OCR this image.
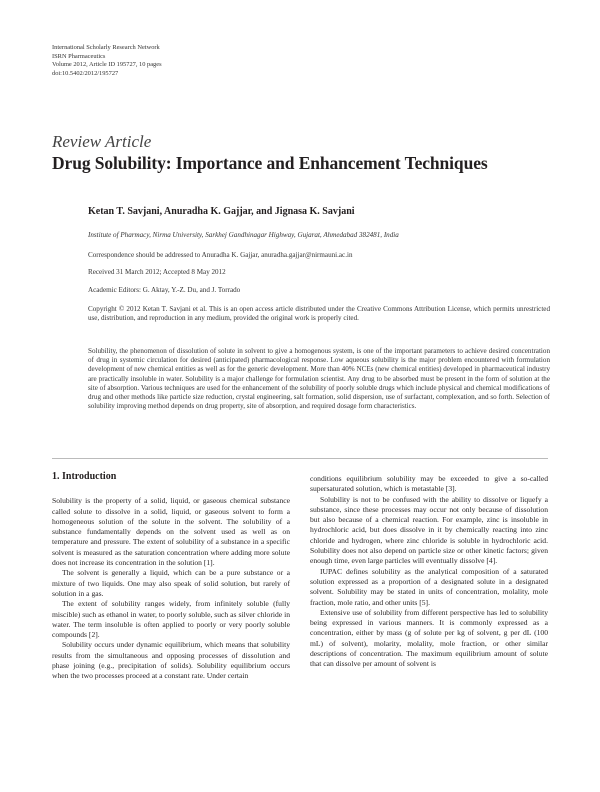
International Scholarly Research Network
ISRN Pharmaceutics
Volume 2012, Article ID 195727, 10 pages
doi:10.5402/2012/195727
Review Article
Drug Solubility: Importance and Enhancement Techniques
Ketan T. Savjani, Anuradha K. Gajjar, and Jignasa K. Savjani
Institute of Pharmacy, Nirma University, Sarkhej Gandhinagar Highway, Gujarat, Ahmedabad 382481, India
Correspondence should be addressed to Anuradha K. Gajjar, anuradha.gajjar@nirmauni.ac.in
Received 31 March 2012; Accepted 8 May 2012
Academic Editors: G. Aktay, Y.-Z. Du, and J. Torrado
Copyright © 2012 Ketan T. Savjani et al. This is an open access article distributed under the Creative Commons Attribution License, which permits unrestricted use, distribution, and reproduction in any medium, provided the original work is properly cited.
Solubility, the phenomenon of dissolution of solute in solvent to give a homogenous system, is one of the important parameters to achieve desired concentration of drug in systemic circulation for desired (anticipated) pharmacological response. Low aqueous solubility is the major problem encountered with formulation development of new chemical entities as well as for the generic development. More than 40% NCEs (new chemical entities) developed in pharmaceutical industry are practically insoluble in water. Solubility is a major challenge for formulation scientist. Any drug to be absorbed must be present in the form of solution at the site of absorption. Various techniques are used for the enhancement of the solubility of poorly soluble drugs which include physical and chemical modifications of drug and other methods like particle size reduction, crystal engineering, salt formation, solid dispersion, use of surfactant, complexation, and so forth. Selection of solubility improving method depends on drug property, site of absorption, and required dosage form characteristics.
1. Introduction

Solubility is the property of a solid, liquid, or gaseous chemical substance called solute to dissolve in a solid, liquid, or gaseous solvent to form a homogeneous solution of the solute in the solvent. The solubility of a substance fundamentally depends on the solvent used as well as on temperature and pressure. The extent of solubility of a substance in a specific solvent is measured as the saturation concentration where adding more solute does not increase its concentration in the solution [1].

The solvent is generally a liquid, which can be a pure substance or a mixture of two liquids. One may also speak of solid solution, but rarely of solution in a gas.

The extent of solubility ranges widely, from infinitely soluble (fully miscible) such as ethanol in water, to poorly soluble, such as silver chloride in water. The term insoluble is often applied to poorly or very poorly soluble compounds [2].

Solubility occurs under dynamic equilibrium, which means that solubility results from the simultaneous and opposing processes of dissolution and phase joining (e.g., precipitation of solids). Solubility equilibrium occurs when the two processes proceed at a constant rate. Under certain

conditions equilibrium solubility may be exceeded to give a so-called supersaturated solution, which is metastable [3].

Solubility is not to be confused with the ability to dissolve or liquefy a substance, since these processes may occur not only because of dissolution but also because of a chemical reaction. For example, zinc is insoluble in hydrochloric acid, but does dissolve in it by chemically reacting into zinc chloride and hydrogen, where zinc chloride is soluble in hydrochloric acid. Solubility does not also depend on particle size or other kinetic factors; given enough time, even large particles will eventually dissolve [4].

IUPAC defines solubility as the analytical composition of a saturated solution expressed as a proportion of a designated solute in a designated solvent. Solubility may be stated in units of concentration, molality, mole fraction, mole ratio, and other units [5].

Extensive use of solubility from different perspective has led to solubility being expressed in various manners. It is commonly expressed as a concentration, either by mass (g of solute per kg of solvent, g per dL (100 mL) of solvent), molarity, molality, mole fraction, or other similar descriptions of concentration. The maximum equilibrium amount of solute that can dissolve per amount of solvent is
